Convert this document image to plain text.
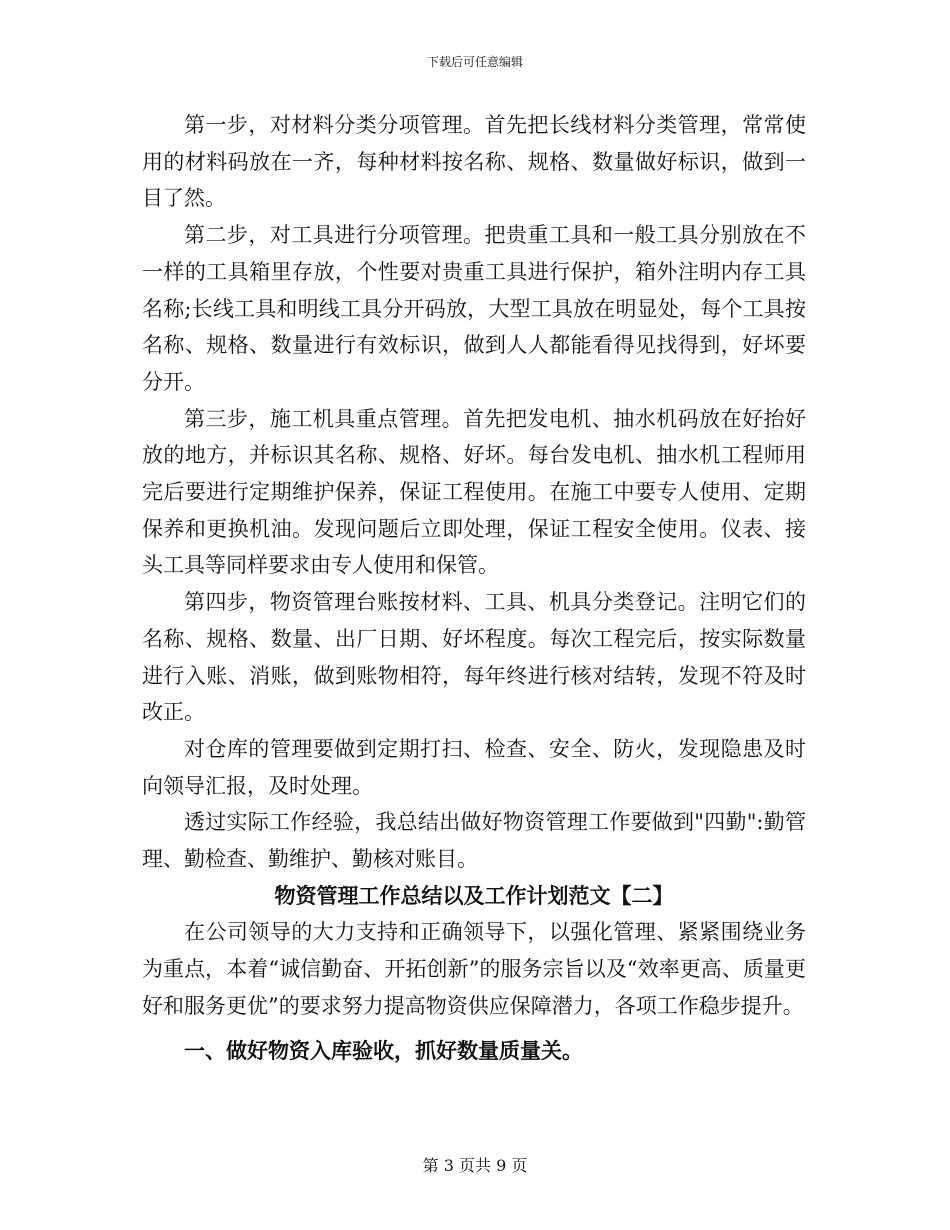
下载后可任意编辑

第一步，对材料分类分项管理。首先把长线材料分类管理，常常使用的材料码放在一齐，每种材料按名称、规格、数量做好标识，做到一目了然。

第二步，对工具进行分项管理。把贵重工具和一般工具分别放在不一样的工具箱里存放，个性要对贵重工具进行保护，箱外注明内存工具名称;长线工具和明线工具分开码放，大型工具放在明显处，每个工具按名称、规格、数量进行有效标识，做到人人都能看得见找得到，好坏要分开。

第三步，施工机具重点管理。首先把发电机、抽水机码放在好抬好放的地方，并标识其名称、规格、好坏。每台发电机、抽水机工程师用完后要进行定期维护保养，保证工程使用。在施工中要专人使用、定期保养和更换机油。发现问题后立即处理，保证工程安全使用。仪表、接头工具等同样要求由专人使用和保管。

第四步，物资管理台账按材料、工具、机具分类登记。注明它们的名称、规格、数量、出厂日期、好坏程度。每次工程完后，按实际数量进行入账、消账，做到账物相符，每年终进行核对结转，发现不符及时改正。

对仓库的管理要做到定期打扫、检查、安全、防火，发现隐患及时向领导汇报，及时处理。

透过实际工作经验，我总结出做好物资管理工作要做到"四勤":勤管理、勤检查、勤维护、勤核对账目。

物资管理工作总结以及工作计划范文【二】

在公司领导的大力支持和正确领导下，以强化管理、紧紧围绕业务为重点，本着“诚信勤奋、开拓创新”的服务宗旨以及“效率更高、质量更好和服务更优”的要求努力提高物资供应保障潜力，各项工作稳步提升。

一、做好物资入库验收，抓好数量质量关。

第 3 页共 9 页
